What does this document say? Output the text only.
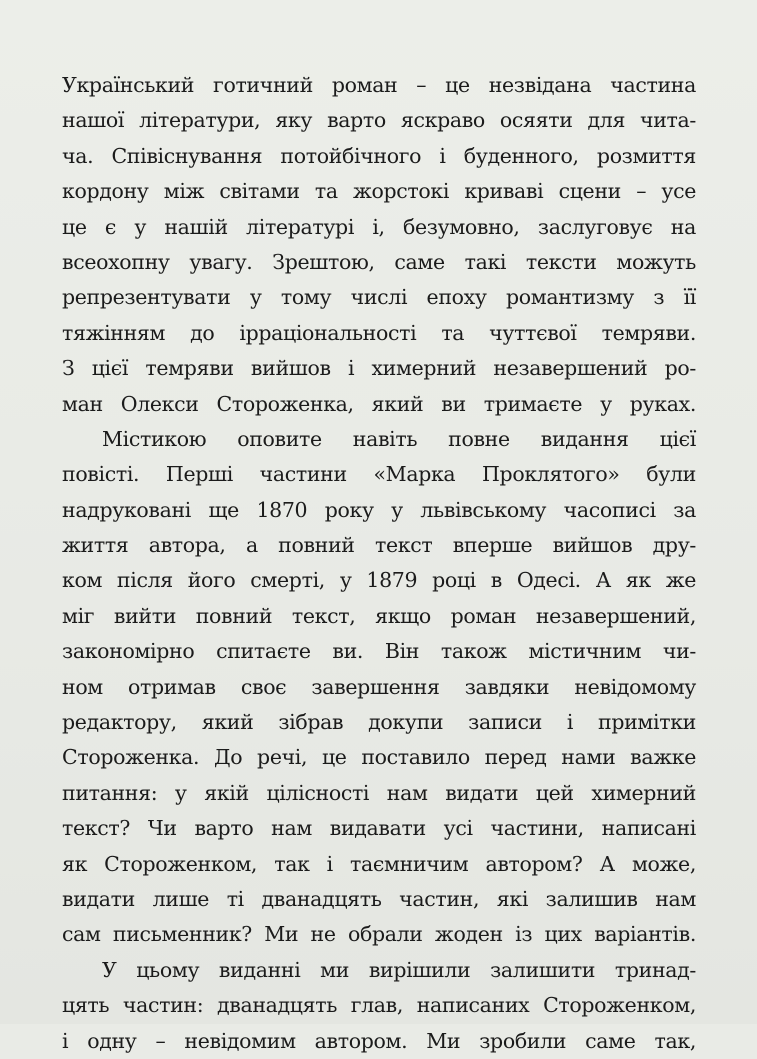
Український готичний роман – це незвідана частина
нашої літератури, яку варто яскраво осяяти для чита-
ча. Співіснування потойбічного і буденного, розмиття
кордону між світами та жорстокі криваві сцени – усе
це є у нашій літературі і, безумовно, заслуговує на
всеохопну увагу. Зрештою, саме такі тексти можуть
репрезентувати у тому числі епоху романтизму з її
тяжінням до ірраціональності та чуттєвої темряви.
З цієї темряви вийшов і химерний незавершений ро-
ман Олекси Стороженка, який ви тримаєте у руках.
Містикою оповите навіть повне видання цієї
повісті. Перші частини «Марка Проклятого» були
надруковані ще 1870 року у львівському часописі за
життя автора, а повний текст вперше вийшов дру-
ком після його смерті, у 1879 році в Одесі. А як же
міг вийти повний текст, якщо роман незавершений,
закономірно спитаєте ви. Він також містичним чи-
ном отримав своє завершення завдяки невідомому
редактору, який зібрав докупи записи і примітки
Стороженка. До речі, це поставило перед нами важке
питання: у якій цілісності нам видати цей химерний
текст? Чи варто нам видавати усі частини, написані
як Стороженком, так і таємничим автором? А може,
видати лише ті дванадцять частин, які залишив нам
сам письменник? Ми не обрали жоден із цих варіантів.
У цьому виданні ми вирішили залишити тринад-
цять частин: дванадцять глав, написаних Стороженком,
і одну – невідомим автором. Ми зробили саме так,
